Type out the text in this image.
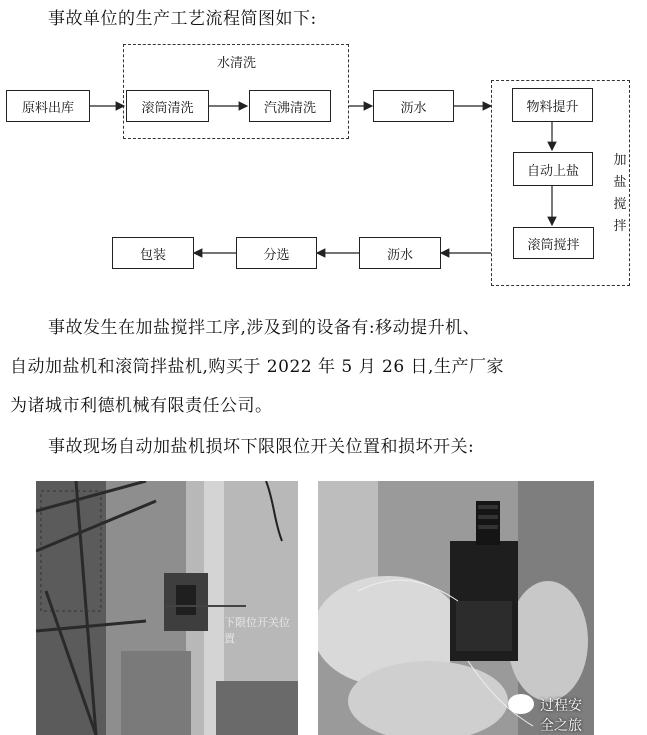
事故单位的生产工艺流程简图如下:
水清洗
加盐搅拌
原料出库	滚筒清洗	汽沸清洗	沥水	物料提升
自动上盐
滚筒搅拌
沥水
分选
包装
事故发生在加盐搅拌工序,涉及到的设备有:移动提升机、
自动加盐机和滚筒拌盐机,购买于 2022 年 5 月 26 日,生产厂家
为诸城市利德机械有限责任公司。
事故现场自动加盐机损坏下限限位开关位置和损坏开关:
下限位开关位置
过程安全之旅
